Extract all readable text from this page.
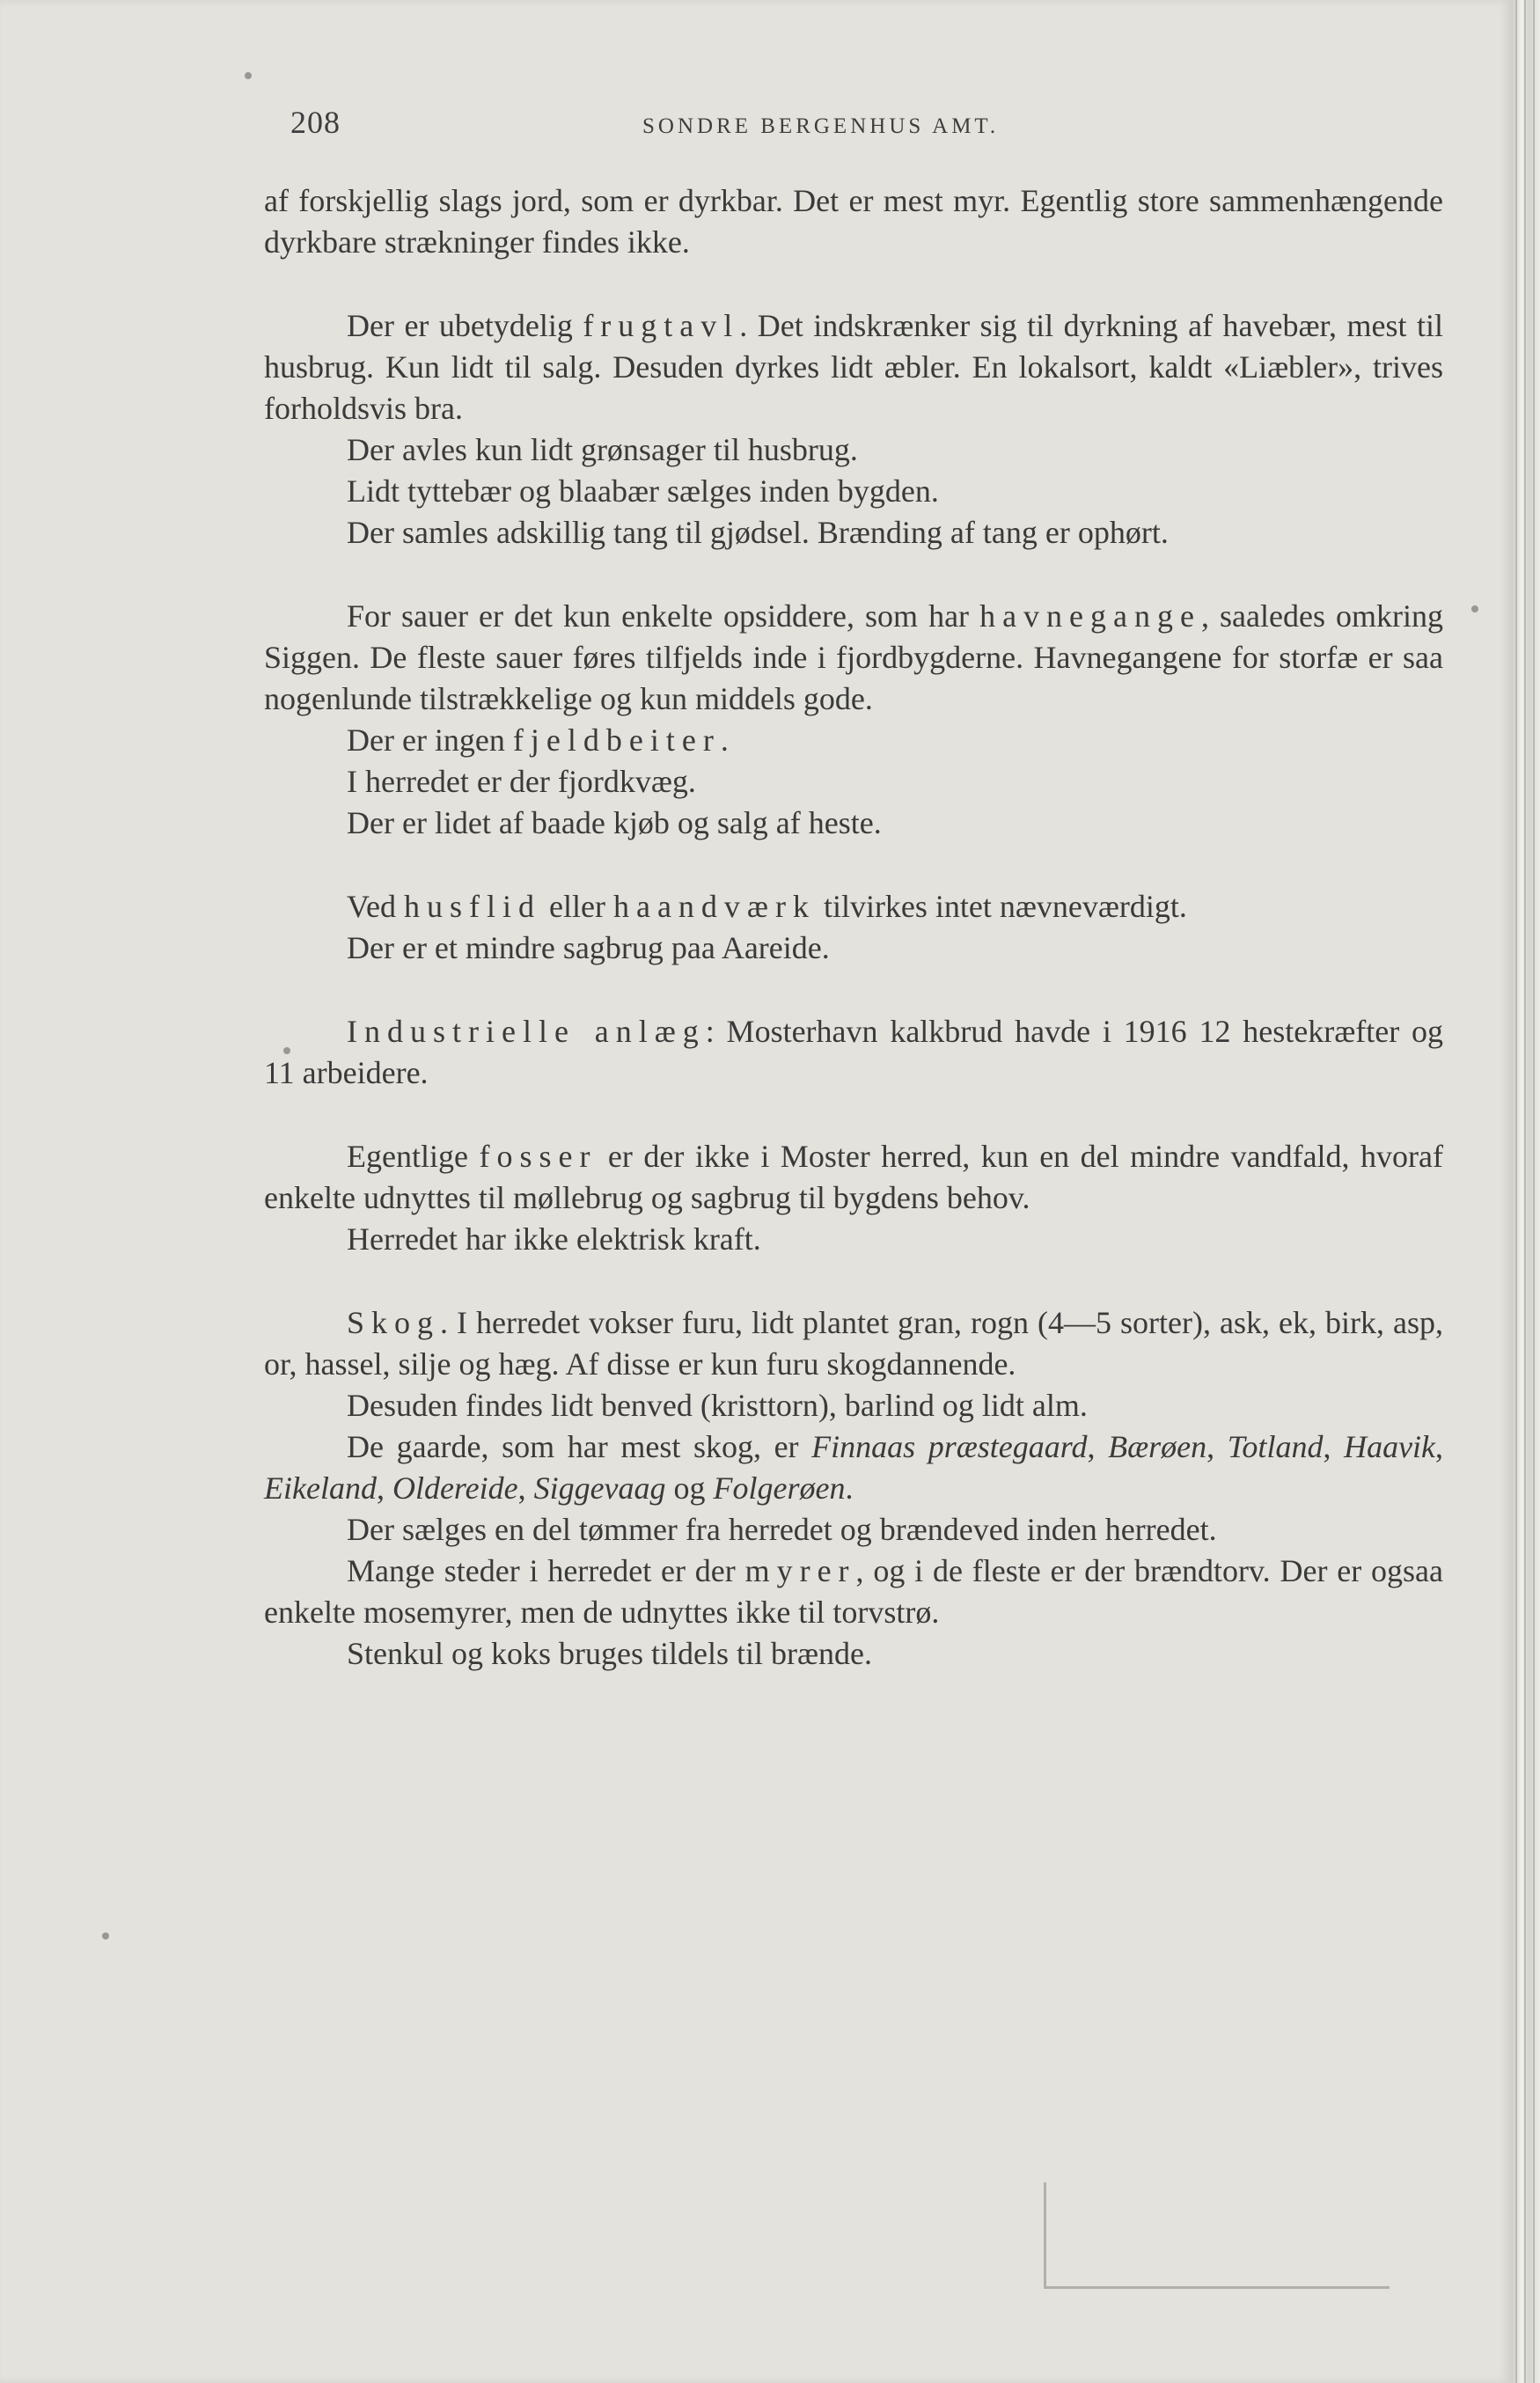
208	SONDRE BERGENHUS AMT.

af forskjellig slags jord, som er dyrkbar. Det er mest myr. Egentlig store sammenhængende dyrkbare strækninger findes ikke.

Der er ubetydelig frugtavl. Det indskrænker sig til dyrkning af havebær, mest til husbrug. Kun lidt til salg. Desuden dyrkes lidt æbler. En lokalsort, kaldt «Liæbler», trives forholdsvis bra.

Der avles kun lidt grønsager til husbrug.

Lidt tyttebær og blaabær sælges inden bygden.

Der samles adskillig tang til gjødsel. Brænding af tang er ophørt.

For sauer er det kun enkelte opsiddere, som har havnegange, saaledes omkring Siggen. De fleste sauer føres tilfjelds inde i fjordbygderne. Havnegangene for storfæ er saa nogenlunde tilstrækkelige og kun middels gode.

Der er ingen fjeldbeiter.

I herredet er der fjordkvæg.

Der er lidet af baade kjøb og salg af heste.

Ved husflid eller haandværk tilvirkes intet nævneværdigt.

Der er et mindre sagbrug paa Aareide.

Industrielle anlæg: Mosterhavn kalkbrud havde i 1916 12 hestekræfter og 11 arbeidere.

Egentlige fosser er der ikke i Moster herred, kun en del mindre vandfald, hvoraf enkelte udnyttes til møllebrug og sagbrug til bygdens behov.

Herredet har ikke elektrisk kraft.

Skog. I herredet vokser furu, lidt plantet gran, rogn (4—5 sorter), ask, ek, birk, asp, or, hassel, silje og hæg. Af disse er kun furu skogdannende.

Desuden findes lidt benved (kristtorn), barlind og lidt alm.

De gaarde, som har mest skog, er Finnaas præstegaard, Bærøen, Totland, Haavik, Eikeland, Oldereide, Siggevaag og Folgerøen.

Der sælges en del tømmer fra herredet og brændeved inden herredet.

Mange steder i herredet er der myrer, og i de fleste er der brændtorv. Der er ogsaa enkelte mosemyrer, men de udnyttes ikke til torvstrø.

Stenkul og koks bruges tildels til brænde.
